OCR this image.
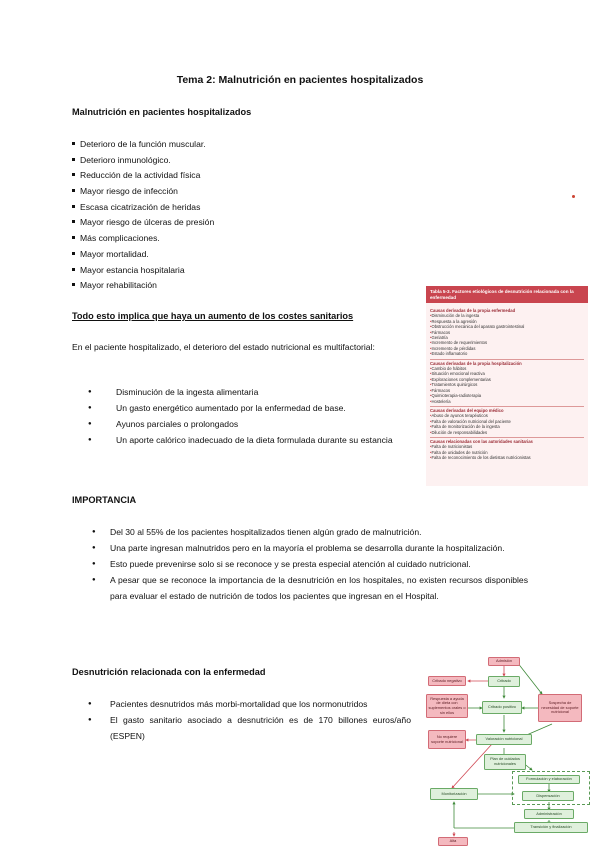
Tema 2: Malnutrición en pacientes hospitalizados
Malnutrición en pacientes hospitalizados
Deterioro de la función muscular.
Deterioro inmunológico.
Reducción de la actividad física
Mayor riesgo de infección
Escasa cicatrización de heridas
Mayor riesgo de úlceras de presión
Más complicaciones.
Mayor mortalidad.
Mayor estancia hospitalaria
Mayor rehabilitación
Todo esto implica que haya un aumento de los costes sanitarios
En el paciente hospitalizado, el deterioro del estado nutricional es multifactorial:
● Disminución de la ingesta alimentaria
● Un gasto energético aumentado por la enfermedad de base.
● Ayunos parciales o prolongados
● Un aporte calórico inadecuado de la dieta formulada durante su estancia
Tabla 5-3. Factores etiológicos de desnutrición relacionada con la enfermedad
Causas derivadas de la propia enfermedad
• Disminución de la ingesta
• Respuesta a la agresión
• Obstrucción mecánica del aparato gastrointestinal
• Fármacos
• Geriatría
• Incremento de requerimientos
• Incremento de pérdidas
• Estado inflamatorio
Causas derivadas de la propia hospitalización
• Cambio de hábitos
• Situación emocional reactiva
• Exploraciones complementarias
• Tratamientos quirúrgicos
• Fármacos
• Quimioterapia-radioterapia
• Hostelería
Causas derivadas del equipo médico
• Abuso de ayunos terapéuticos
• Falta de valoración nutricional del paciente
• Falta de monitorización de la ingesta
• Dilución de responsabilidades
Causas relacionadas con las autoridades sanitarias
• Falta de nutricionistas
• Falta de unidades de nutrición
• Falta de reconocimiento de los dietistas nutricionistas
IMPORTANCIA
● Del 30 al 55% de los pacientes hospitalizados tienen algún grado de malnutrición.
● Una parte ingresan malnutridos pero en la mayoría el problema se desarrolla durante la hospitalización.
● Esto puede prevenirse solo si se reconoce y se presta especial atención al cuidado nutricional.
● A pesar que se reconoce la importancia de la desnutrición en los hospitales, no existen recursos disponibles para evaluar el estado de nutrición de todos los pacientes que ingresan en el Hospital.
Desnutrición relacionada con la enfermedad
● Pacientes desnutridos más morbi-mortalidad que los normonutridos
● El gasto sanitario asociado a desnutrición es de 170 billones euros/año (ESPEN)
Admisión
Cribado negativo	Cribado
Respuesta a ayuda de dieta con suplementos orales o sin ellos
Cribado positivo
Sospecha de necesidad de soporte nutricional
No requiere soporte nutricional	Valoración nutricional
Plan de cuidados nutricionales
Formulación y elaboración
Dispensación
Monitorización
Administración
Transición y finalización
Alta
